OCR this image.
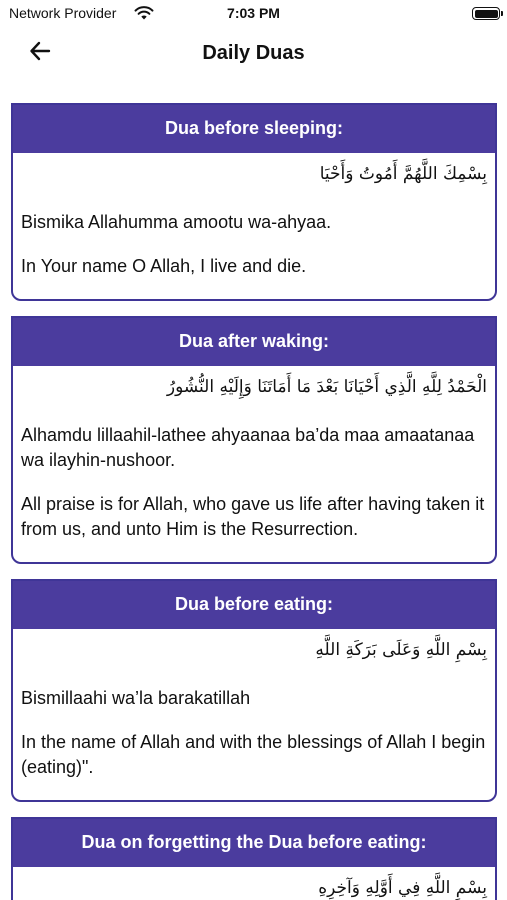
Network Provider	7:03 PM
Daily Duas
Dua before sleeping:
بِسْمِكَ اللَّهُمَّ أَمُوتُ وَأَحْيَا
Bismika Allahumma amootu wa-ahyaa.
In Your name O Allah, I live and die.
Dua after waking:
الْحَمْدُ لِلَّهِ الَّذِي أَحْيَانَا بَعْدَ مَا أَمَاتَنَا وَإِلَيْهِ النُّشُورُ
Alhamdu lillaahil-lathee ahyaanaa ba’da maa amaatanaa wa ilayhin-nushoor.
All praise is for Allah, who gave us life after having taken it from us, and unto Him is the Resurrection.
Dua before eating:
بِسْمِ اللَّهِ وَعَلَى بَرَكَةِ اللَّهِ
Bismillaahi wa’la barakatillah
In the name of Allah and with the blessings of Allah I begin (eating)".
Dua on forgetting the Dua before eating:
بِسْمِ اللَّهِ فِي أَوَّلِهِ وَآخِرِهِ
